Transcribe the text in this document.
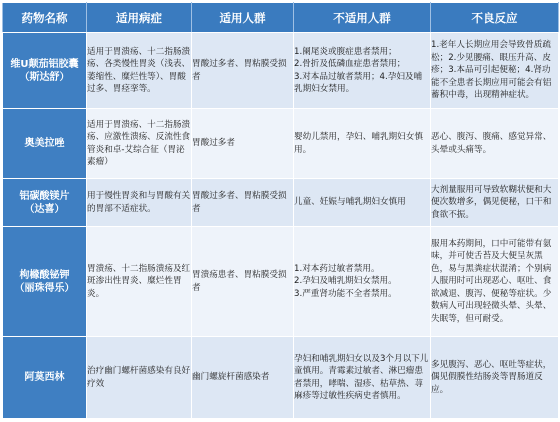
药物名称	适用病症	适用人群	不适用人群	不良反应

维U颠茄铝胶囊
（斯达舒）	适用于胃溃疡、十二指肠溃疡、各类慢性胃炎（浅表、萎缩性、糜烂性等）、胃酸过多、胃痉挛等。	胃酸过多者、胃粘膜受损者	1.阑尾炎或腹症患者禁用；
2.骨折及低磷血症患者禁用；
3.对本品过敏者禁用；4.孕妇及哺乳期妇女禁用。	1.老年人长期应用会导致骨质疏松；2.少见腰痛、眼压升高、皮疹；3.本品可引起便秘；4.肾功能不全患者长期应用可能会有铝蓄积中毒，出现精神症状。

奥美拉唑	适用于胃溃疡、十二指肠溃疡、应激性溃疡、反流性食管炎和卓-艾综合征（胃泌素瘤）	胃酸过多者	婴幼儿禁用，孕妇、哺乳期妇女慎用。	恶心、腹泻、腹痛、感觉异常、头晕或头痛等。

铝碳酸镁片
（达喜）	用于慢性胃炎和与胃酸有关的胃部不适症状。	胃酸过多者、胃粘膜受损者	儿童、妊娠与哺乳期妇女慎用	大剂量服用可导致软糊状便和大便次数增多，偶见便秘，口干和食欲不振。

枸橼酸铋钾
（丽珠得乐）	胃溃疡、十二指肠溃疡及红斑渗出性胃炎、糜烂性胃炎。	胃溃疡患者、胃粘膜受损者	1.对本药过敏者禁用。
2.孕妇及哺乳期妇女禁用。
3.严重肾功能不全者禁用。	服用本药期间，口中可能带有氨味，并可使舌苔及大便呈灰黑色，易与黑粪症状混淆；个别病人服用时可出现恶心、呕吐、食欲减退、腹泻、便秘等症状。少数病人可出现轻微头晕、头晕、失眠等，但可耐受。

阿莫西林	治疗幽门螺杆菌感染有良好疗效	幽门螺旋杆菌感染者	孕妇和哺乳期妇女以及3个月以下儿童慎用。青霉素过敏者、淋巴瘤患者禁用，哮喘、湿疹、枯草热、荨麻疹等过敏性疾病史者慎用。	多见腹泻、恶心、呕吐等症状，偶见假膜性结肠炎等胃肠道反应。
